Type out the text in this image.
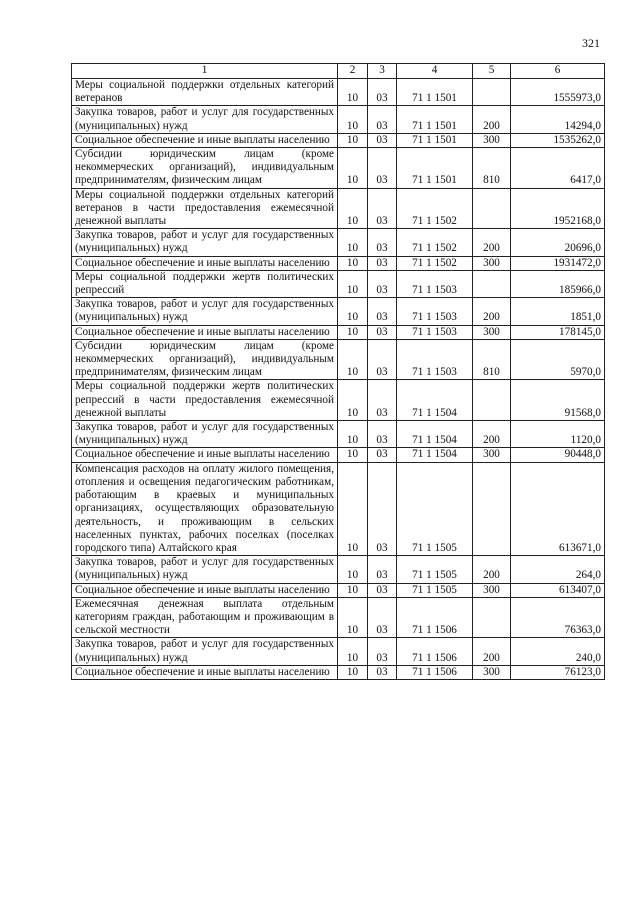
321
1	2	3	4	5	6
Меры социальной поддержки отдельных категорий ветеранов	10	03	71 1 1501		1555973,0
Закупка товаров, работ и услуг для государственных (муниципальных) нужд	10	03	71 1 1501	200	14294,0
Социальное обеспечение и иные выплаты населению	10	03	71 1 1501	300	1535262,0
Субсидии юридическим лицам (кроме некоммерческих организаций), индивидуальным предпринимателям, физическим лицам	10	03	71 1 1501	810	6417,0
Меры социальной поддержки отдельных категорий ветеранов в части предоставления ежемесячной денежной выплаты	10	03	71 1 1502		1952168,0
Закупка товаров, работ и услуг для государственных (муниципальных) нужд	10	03	71 1 1502	200	20696,0
Социальное обеспечение и иные выплаты населению	10	03	71 1 1502	300	1931472,0
Меры социальной поддержки жертв политических репрессий	10	03	71 1 1503		185966,0
Закупка товаров, работ и услуг для государственных (муниципальных) нужд	10	03	71 1 1503	200	1851,0
Социальное обеспечение и иные выплаты населению	10	03	71 1 1503	300	178145,0
Субсидии юридическим лицам (кроме некоммерческих организаций), индивидуальным предпринимателям, физическим лицам	10	03	71 1 1503	810	5970,0
Меры социальной поддержки жертв политических репрессий в части предоставления ежемесячной денежной выплаты	10	03	71 1 1504		91568,0
Закупка товаров, работ и услуг для государственных (муниципальных) нужд	10	03	71 1 1504	200	1120,0
Социальное обеспечение и иные выплаты населению	10	03	71 1 1504	300	90448,0
Компенсация расходов на оплату жилого помещения, отопления и освещения педагогическим работникам, работающим в краевых и муниципальных организациях, осуществляющих образовательную деятельность, и проживающим в сельских населенных пунктах, рабочих поселках (поселках городского типа) Алтайского края	10	03	71 1 1505		613671,0
Закупка товаров, работ и услуг для государственных (муниципальных) нужд	10	03	71 1 1505	200	264,0
Социальное обеспечение и иные выплаты населению	10	03	71 1 1505	300	613407,0
Ежемесячная денежная выплата отдельным категориям граждан, работающим и проживающим в сельской местности	10	03	71 1 1506		76363,0
Закупка товаров, работ и услуг для государственных (муниципальных) нужд	10	03	71 1 1506	200	240,0
Социальное обеспечение и иные выплаты населению	10	03	71 1 1506	300	76123,0
